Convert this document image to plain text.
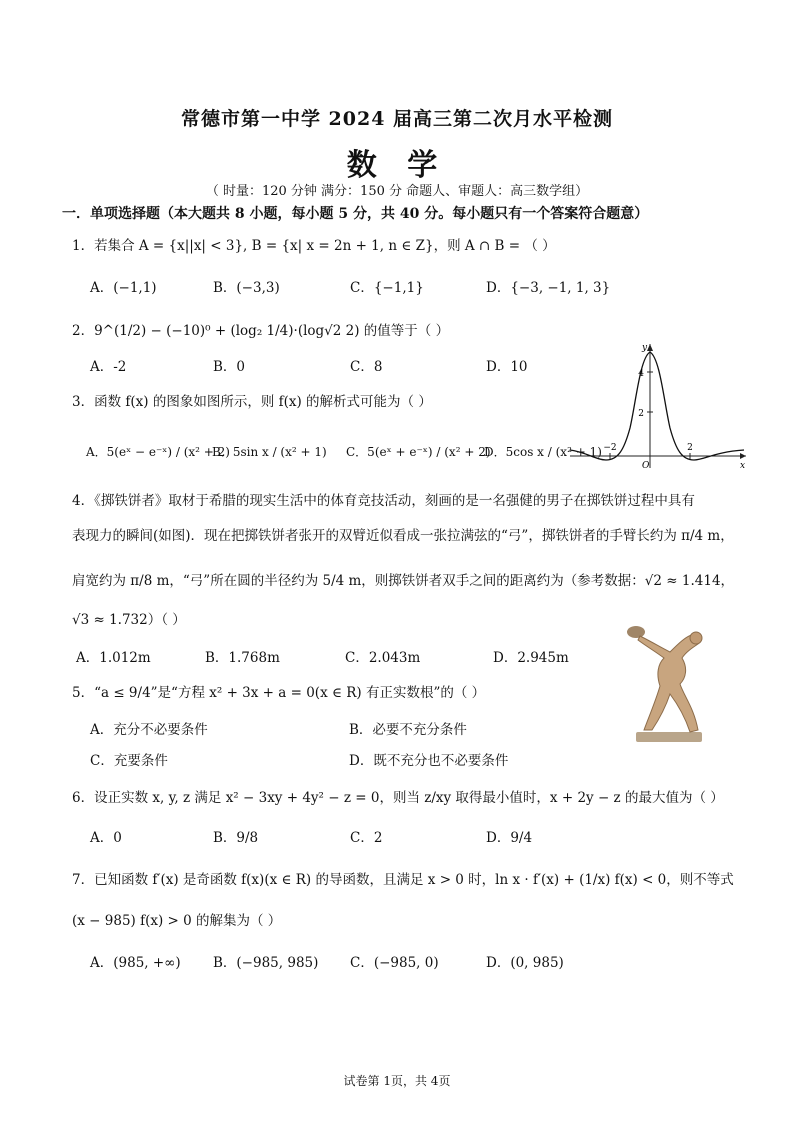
常德市第一中学 2024 届高三第二次月水平检测
数 学
（ 时量：120 分钟 满分：150 分 命题人、审题人：高三数学组）
一．单项选择题（本大题共 8 小题，每小题 5 分，共 40 分。每小题只有一个答案符合题意）
1．若集合 A = {x||x| < 3}, B = {x| x = 2n + 1, n ∈ Z}，则 A ∩ B = （ ）
A．(−1,1)	B．(−3,3)	C．{−1,1}	D．{−3, −1, 1, 3}
2．9^(1/2) − (−10)⁰ + (log₂ 1/4)·(log√2 2) 的值等于（ ）
A．-2	B．0	C．8	D．10
3．函数 f(x) 的图象如图所示，则 f(x) 的解析式可能为（ ）
A．5(eˣ − e⁻ˣ) / (x² + 2)
B．5sin x / (x² + 1) C．5(eˣ + e⁻ˣ) / (x² + 2)
D．5cos x / (x² + 1)
4
2
−2	2
O
y
x
4．《掷铁饼者》取材于希腊的现实生活中的体育竞技活动，刻画的是一名强健的男子在掷铁饼过程中具有
表现力的瞬间(如图)．现在把掷铁饼者张开的双臂近似看成一张拉满弦的“弓”，掷铁饼者的手臂长约为 π/4 m，
肩宽约为 π/8 m，“弓”所在圆的半径约为 5/4 m，则掷铁饼者双手之间的距离约为（参考数据：√2 ≈ 1.414，
√3 ≈ 1.732）（ ）
A．1.012m	B．1.768m	C．2.043m	D．2.945m
5．“a ≤ 9/4”是“方程 x² + 3x + a = 0(x ∈ R) 有正实数根”的（ ）
A．充分不必要条件	B．必要不充分条件
C．充要条件	D．既不充分也不必要条件
6．设正实数 x, y, z 满足 x² − 3xy + 4y² − z = 0，则当 z/xy 取得最小值时，x + 2y − z 的最大值为（ ）
A．0	B．9/8	C．2	D．9/4
7．已知函数 f′(x) 是奇函数 f(x)(x ∈ R) 的导函数，且满足 x > 0 时，ln x · f′(x) + (1/x) f(x) < 0，则不等式
(x − 985) f(x) > 0 的解集为（ ）
A．(985, +∞) B．(−985, 985) C．(−985, 0)	D．(0, 985)
试卷第 1页，共 4页
